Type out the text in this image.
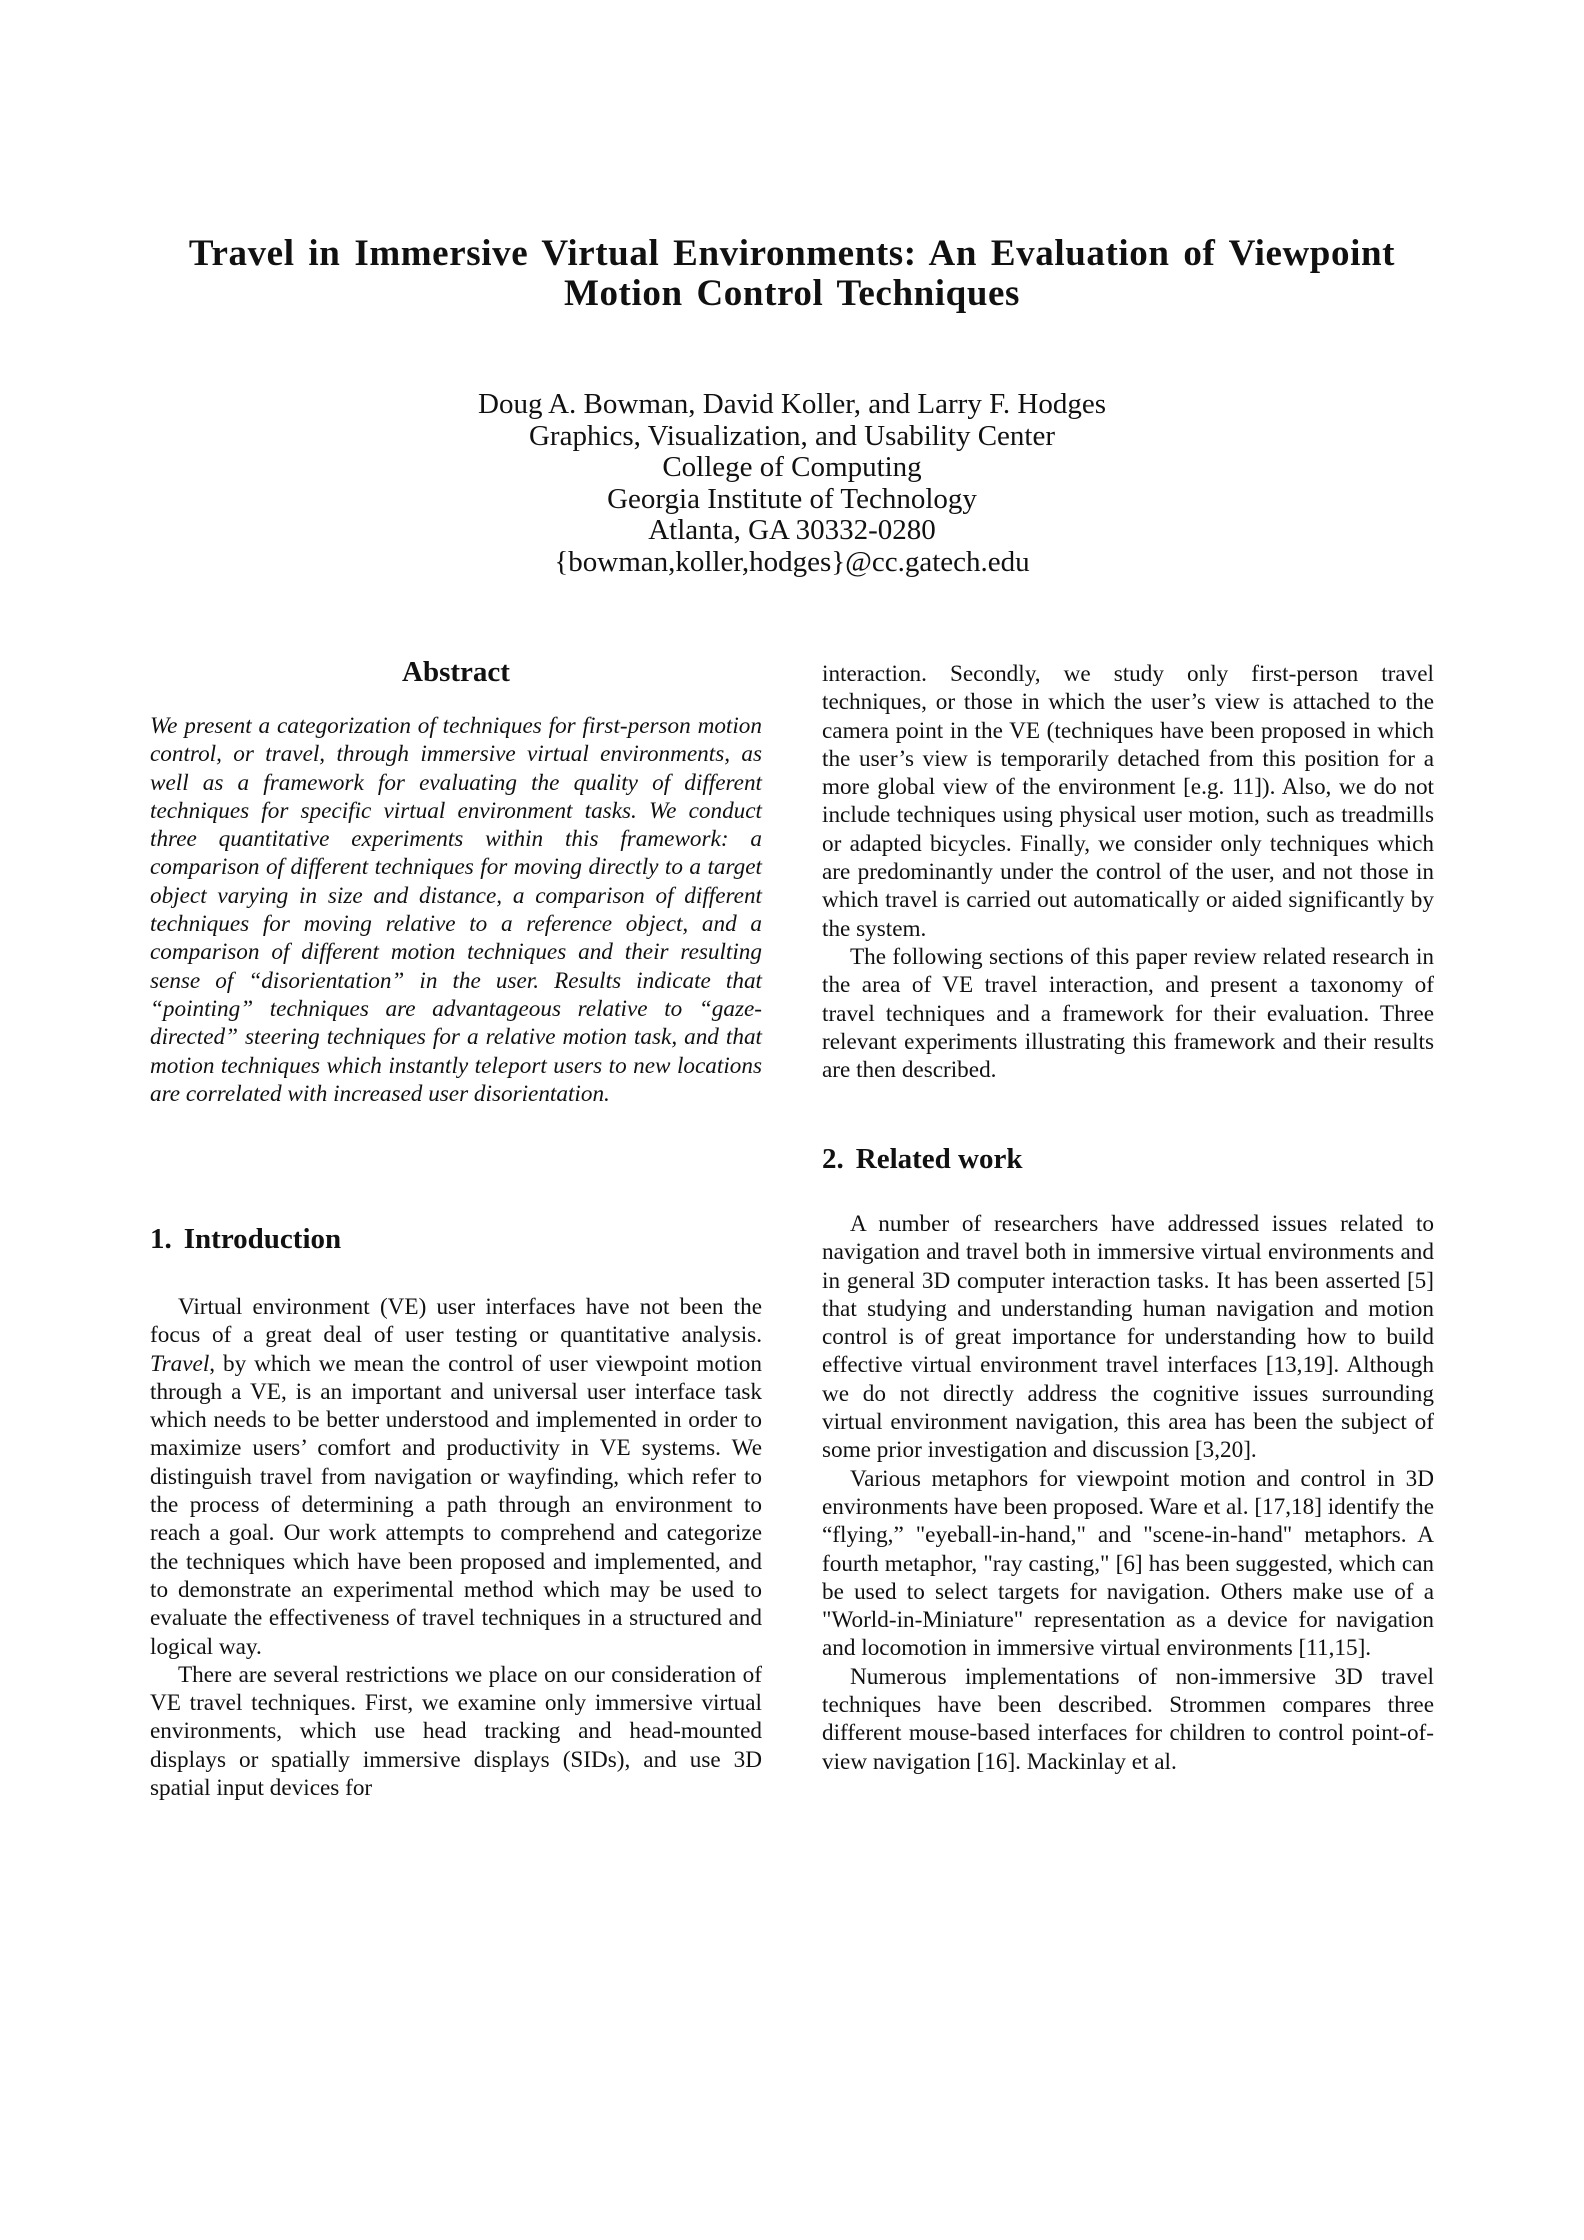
Travel in Immersive Virtual Environments: An Evaluation of Viewpoint
Motion Control Techniques
Doug A. Bowman, David Koller, and Larry F. Hodges
Graphics, Visualization, and Usability Center
College of Computing
Georgia Institute of Technology
Atlanta, GA 30332-0280
{bowman,koller,hodges}@cc.gatech.edu
Abstract

We present a categorization of techniques for first-person motion control, or travel, through immersive virtual environments, as well as a framework for evaluating the quality of different techniques for specific virtual environment tasks. We conduct three quantitative experiments within this framework: a comparison of different techniques for moving directly to a target object varying in size and distance, a comparison of different techniques for moving relative to a reference object, and a comparison of different motion techniques and their resulting sense of “disorientation” in the user. Results indicate that “pointing” techniques are advantageous relative to “gaze-directed” steering techniques for a relative motion task, and that motion techniques which instantly teleport users to new locations are correlated with increased user disorientation.

1. Introduction

Virtual environment (VE) user interfaces have not been the focus of a great deal of user testing or quantitative analysis. Travel, by which we mean the control of user viewpoint motion through a VE, is an important and universal user interface task which needs to be better understood and implemented in order to maximize users’ comfort and productivity in VE systems. We distinguish travel from navigation or wayfinding, which refer to the process of determining a path through an environment to reach a goal. Our work attempts to comprehend and categorize the techniques which have been proposed and implemented, and to demonstrate an experimental method which may be used to evaluate the effectiveness of travel techniques in a structured and logical way.

There are several restrictions we place on our consideration of VE travel techniques. First, we examine only immersive virtual environments, which use head tracking and head-mounted displays or spatially immersive displays (SIDs), and use 3D spatial input devices for

interaction. Secondly, we study only first-person travel techniques, or those in which the user’s view is attached to the camera point in the VE (techniques have been proposed in which the user’s view is temporarily detached from this position for a more global view of the environment [e.g. 11]). Also, we do not include techniques using physical user motion, such as treadmills or adapted bicycles. Finally, we consider only techniques which are predominantly under the control of the user, and not those in which travel is carried out automatically or aided significantly by the system.

The following sections of this paper review related research in the area of VE travel interaction, and present a taxonomy of travel techniques and a framework for their evaluation. Three relevant experiments illustrating this framework and their results are then described.

2. Related work

A number of researchers have addressed issues related to navigation and travel both in immersive virtual environments and in general 3D computer interaction tasks. It has been asserted [5] that studying and understanding human navigation and motion control is of great importance for understanding how to build effective virtual environment travel interfaces [13,19]. Although we do not directly address the cognitive issues surrounding virtual environment navigation, this area has been the subject of some prior investigation and discussion [3,20].

Various metaphors for viewpoint motion and control in 3D environments have been proposed. Ware et al. [17,18] identify the “flying,” "eyeball-in-hand," and "scene-in-hand" metaphors. A fourth metaphor, "ray casting," [6] has been suggested, which can be used to select targets for navigation. Others make use of a "World-in-Miniature" representation as a device for navigation and locomotion in immersive virtual environments [11,15].

Numerous implementations of non-immersive 3D travel techniques have been described. Strommen compares three different mouse-based interfaces for children to control point-of-view navigation [16]. Mackinlay et al.
